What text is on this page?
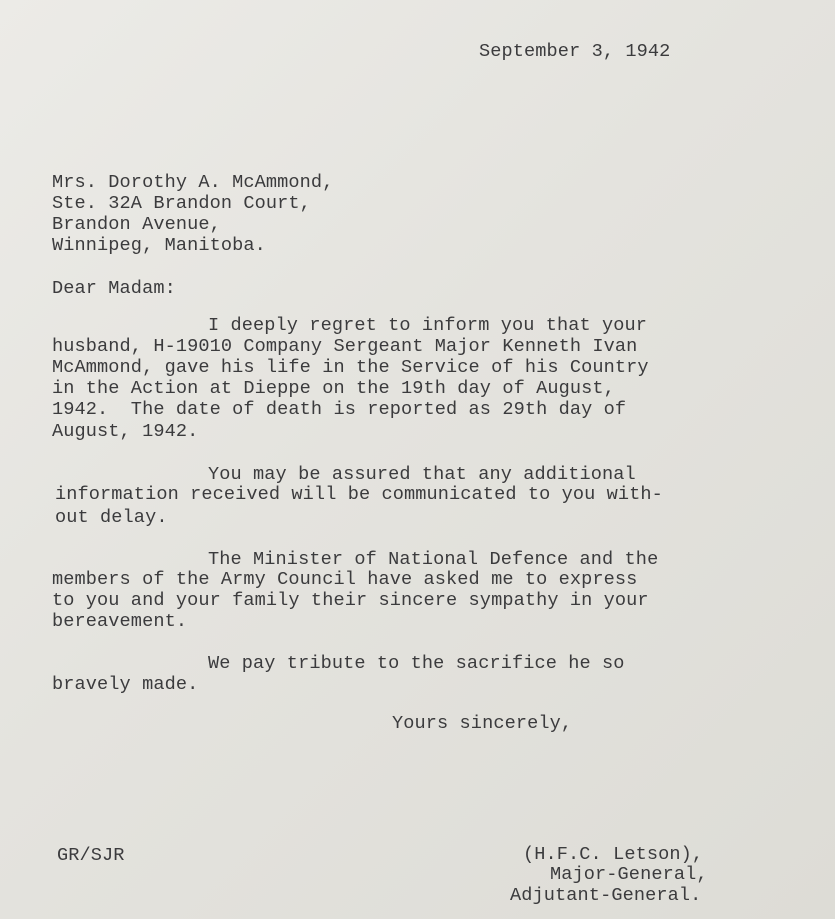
September 3, 1942
Mrs. Dorothy A. McAmmond,
Ste. 32A Brandon Court,
Brandon Avenue,
Winnipeg, Manitoba.
Dear Madam:
I deeply regret to inform you that your
husband, H-19010 Company Sergeant Major Kenneth Ivan
McAmmond, gave his life in the Service of his Country
in the Action at Dieppe on the 19th day of August,
1942.  The date of death is reported as 29th day of
August, 1942.
You may be assured that any additional
information received will be communicated to you with-
out delay.
The Minister of National Defence and the
members of the Army Council have asked me to express
to you and your family their sincere sympathy in your
bereavement.
We pay tribute to the sacrifice he so
bravely made.
Yours sincerely,
GR/SJR	(H.F.C. Letson),
Major-General,
Adjutant-General.
